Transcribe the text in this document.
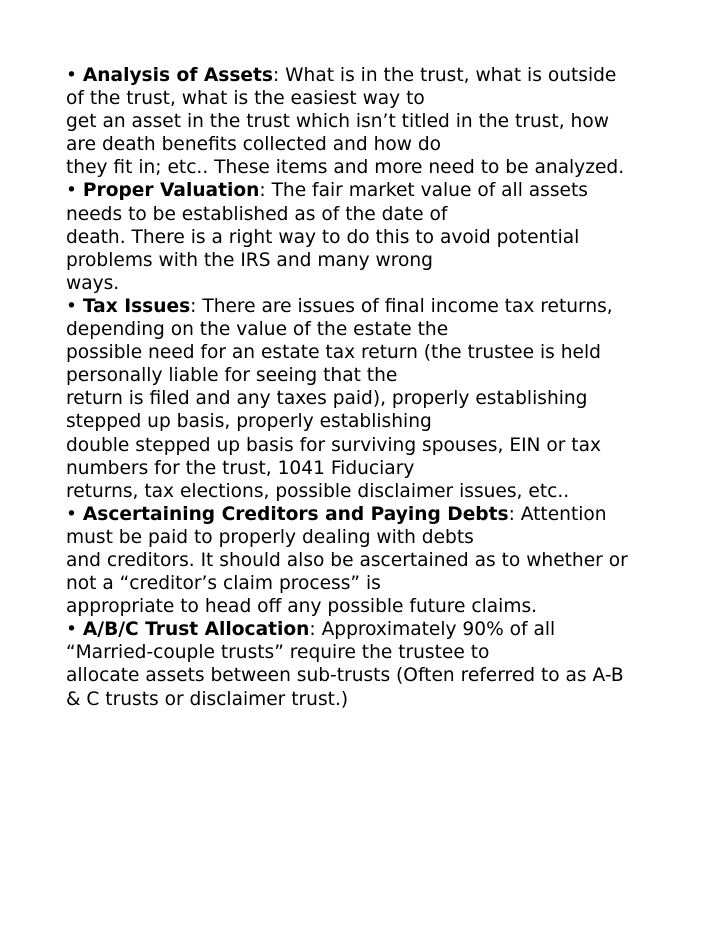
• Analysis of Assets: What is in the trust, what is outside
of the trust, what is the easiest way to
get an asset in the trust which isn’t titled in the trust, how
are death benefits collected and how do
they fit in; etc.. These items and more need to be analyzed.
• Proper Valuation: The fair market value of all assets
needs to be established as of the date of
death. There is a right way to do this to avoid potential
problems with the IRS and many wrong
ways.
• Tax Issues: There are issues of final income tax returns,
depending on the value of the estate the
possible need for an estate tax return (the trustee is held
personally liable for seeing that the
return is filed and any taxes paid), properly establishing
stepped up basis, properly establishing
double stepped up basis for surviving spouses, EIN or tax
numbers for the trust, 1041 Fiduciary
returns, tax elections, possible disclaimer issues, etc..
• Ascertaining Creditors and Paying Debts: Attention
must be paid to properly dealing with debts
and creditors. It should also be ascertained as to whether or
not a “creditor’s claim process” is
appropriate to head off any possible future claims.
• A/B/C Trust Allocation: Approximately 90% of all
“Married-couple trusts” require the trustee to
allocate assets between sub-trusts (Often referred to as A-B
& C trusts or disclaimer trust.)
